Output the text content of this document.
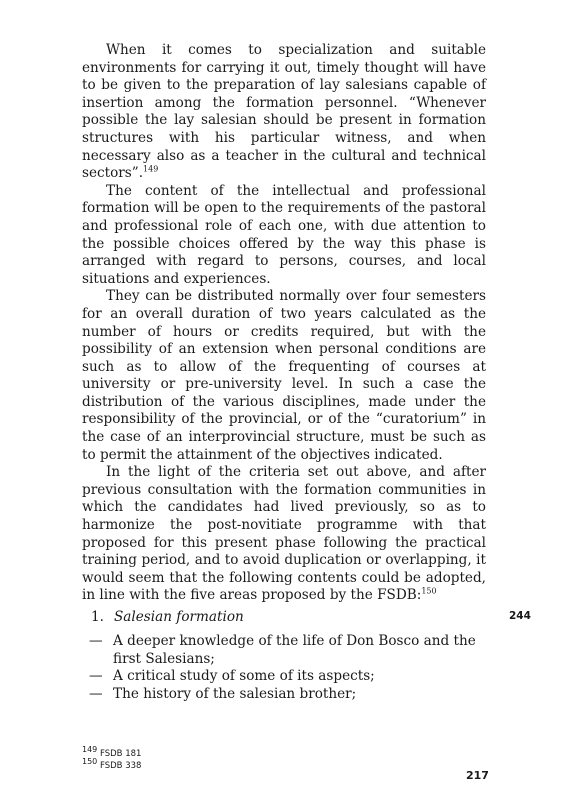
When it comes to specialization and suitable environments for carrying it out, timely thought will have to be given to the preparation of lay salesians capable of insertion among the formation personnel. “Whenever possible the lay salesian should be present in formation structures with his particular witness, and when necessary also as a teacher in the cultural and technical sectors”.$^{149}$

The content of the intellectual and professional formation will be open to the requirements of the pastoral and professional role of each one, with due attention to the possible choices offered by the way this phase is arranged with regard to persons, courses, and local situations and experiences.

They can be distributed normally over four semesters for an overall duration of two years calculated as the number of hours or credits required, but with the possibility of an extension when personal conditions are such as to allow of the frequenting of courses at university or pre-university level. In such a case the distribution of the various disciplines, made under the responsibility of the provincial, or of the “curatorium” in the case of an interprovincial structure, must be such as to permit the attainment of the objectives indicated.

In the light of the criteria set out above, and after previous consultation with the formation communities in which the candidates had lived previously, so as to harmonize the post-novitiate programme with that proposed for this present phase following the practical training period, and to avoid duplication or overlapping, it would seem that the following contents could be adopted, in line with the five areas proposed by the FSDB:$^{150}$

1. Salesian formation	244
— A deeper knowledge of the life of Don Bosco and the first Salesians;
— A critical study of some of its aspects;
— The history of the salesian brother;
$^{149}$ FSDB 181
$^{150}$ FSDB 338
217
